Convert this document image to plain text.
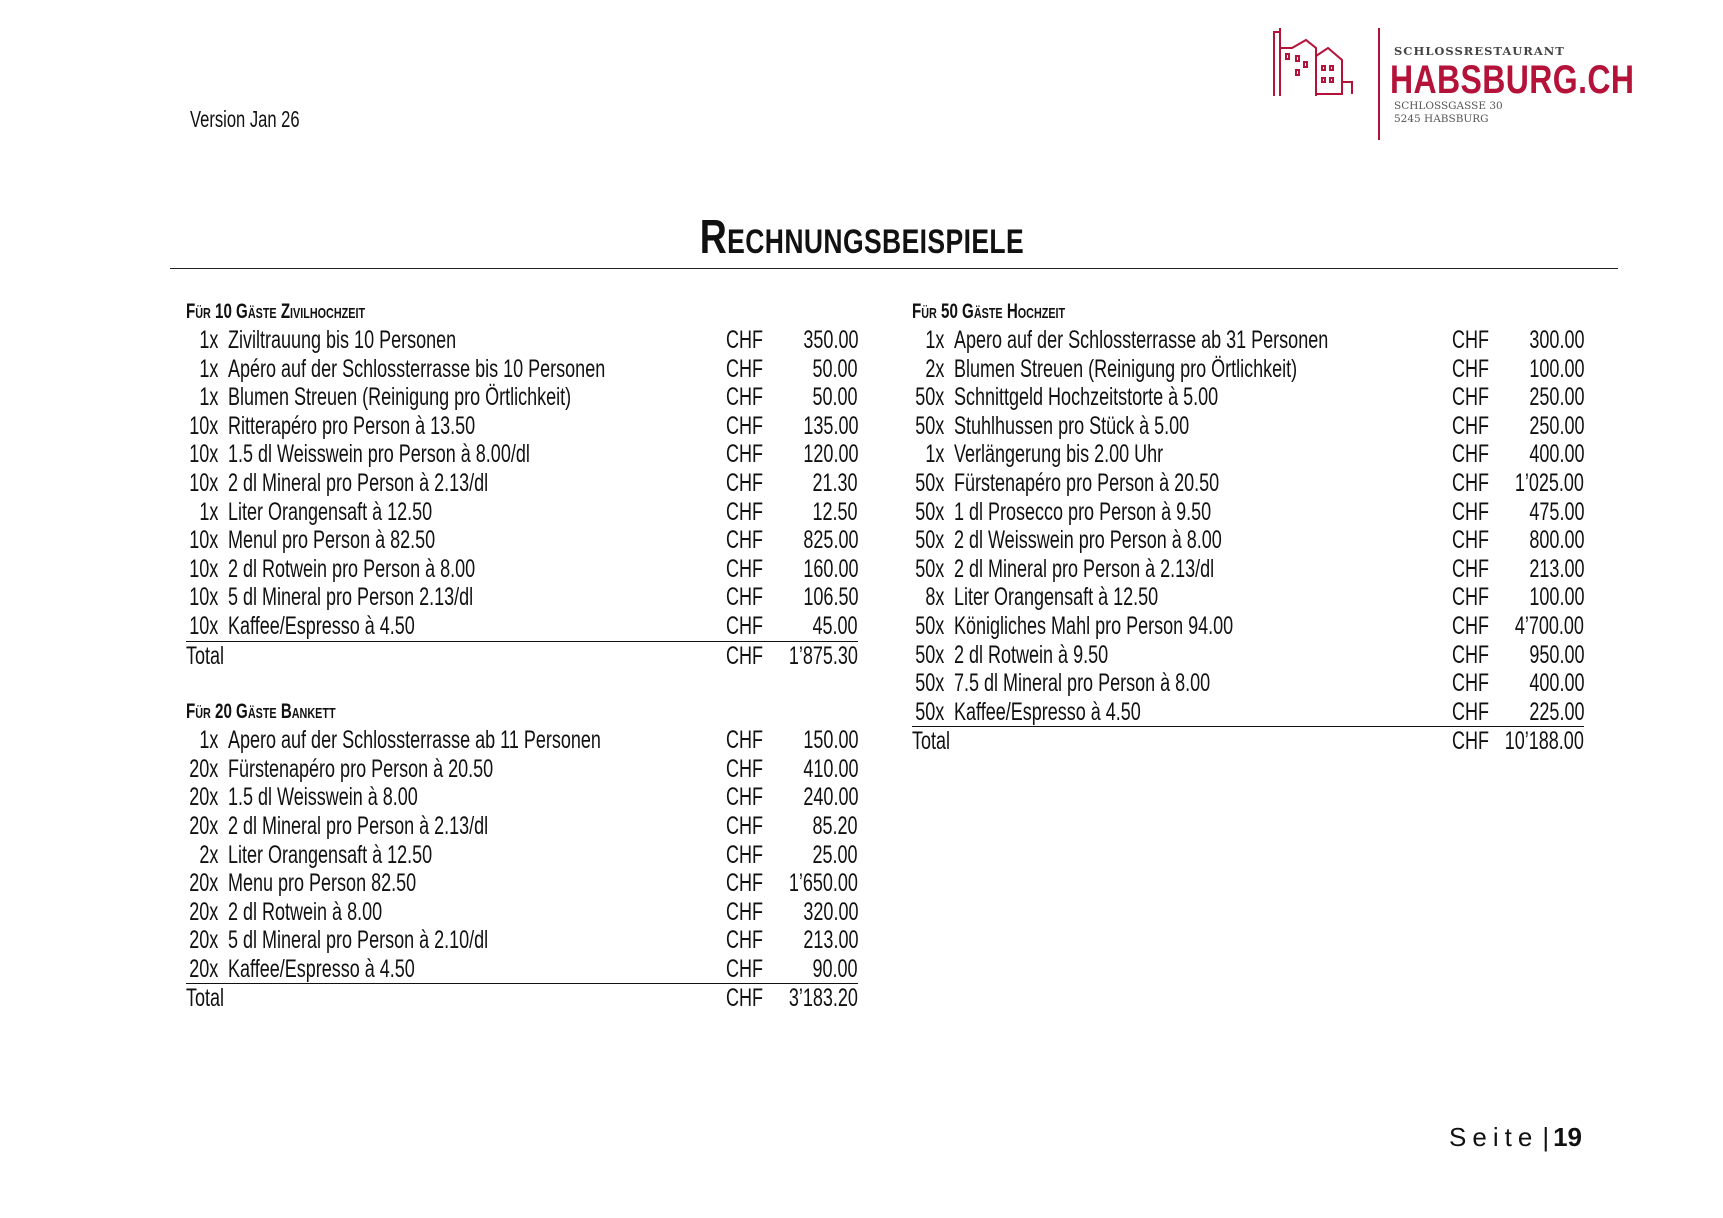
Version Jan 26
SCHLOSSRESTAURANT
HABSBURG.CH
SCHLOSSGASSE 30
5245 HABSBURG
Rechnungsbeispiele
Für 10 Gäste Zivilhochzeit
1x Ziviltrauung bis 10 Personen	CHF	350.00
1x Apéro auf der Schlossterrasse bis 10 Personen	CHF	50.00
1x Blumen Streuen (Reinigung pro Örtlichkeit)	CHF	50.00
10x Ritterapéro pro Person à 13.50	CHF	135.00
10x 1.5 dl Weisswein pro Person à 8.00/dl	CHF	120.00
10x 2 dl Mineral pro Person à 2.13/dl	CHF	21.30
1x Liter Orangensaft à 12.50	CHF	12.50
10x Menul pro Person à 82.50	CHF	825.00
10x 2 dl Rotwein pro Person à 8.00	CHF	160.00
10x 5 dl Mineral pro Person 2.13/dl	CHF	106.50
10x Kaffee/Espresso à 4.50	CHF	45.00
Total	CHF	1’875.30
Für 20 Gäste Bankett
1x Apero auf der Schlossterrasse ab 11 Personen	CHF	150.00
20x Fürstenapéro pro Person à 20.50	CHF	410.00
20x 1.5 dl Weisswein à 8.00	CHF	240.00
20x 2 dl Mineral pro Person à 2.13/dl	CHF	85.20
2x Liter Orangensaft à 12.50	CHF	25.00
20x Menu pro Person 82.50	CHF	1’650.00
20x 2 dl Rotwein à 8.00	CHF	320.00
20x 5 dl Mineral pro Person à 2.10/dl	CHF	213.00
20x Kaffee/Espresso à 4.50	CHF	90.00
Total	CHF	3’183.20
Für 50 Gäste Hochzeit
1x Apero auf der Schlossterrasse ab 31 Personen	CHF	300.00
2x Blumen Streuen (Reinigung pro Örtlichkeit)	CHF	100.00
50x Schnittgeld Hochzeitstorte à 5.00	CHF	250.00
50x Stuhlhussen pro Stück à 5.00	CHF	250.00
1x Verlängerung bis 2.00 Uhr	CHF	400.00
50x Fürstenapéro pro Person à 20.50	CHF	1’025.00
50x 1 dl Prosecco pro Person à 9.50	CHF	475.00
50x 2 dl Weisswein pro Person à 8.00	CHF	800.00
50x 2 dl Mineral pro Person à 2.13/dl	CHF	213.00
8x Liter Orangensaft à 12.50	CHF	100.00
50x Königliches Mahl pro Person 94.00	CHF	4’700.00
50x 2 dl Rotwein à 9.50	CHF	950.00
50x 7.5 dl Mineral pro Person à 8.00	CHF	400.00
50x Kaffee/Espresso à 4.50	CHF	225.00
Total	CHF 10’188.00
Seite | 19
